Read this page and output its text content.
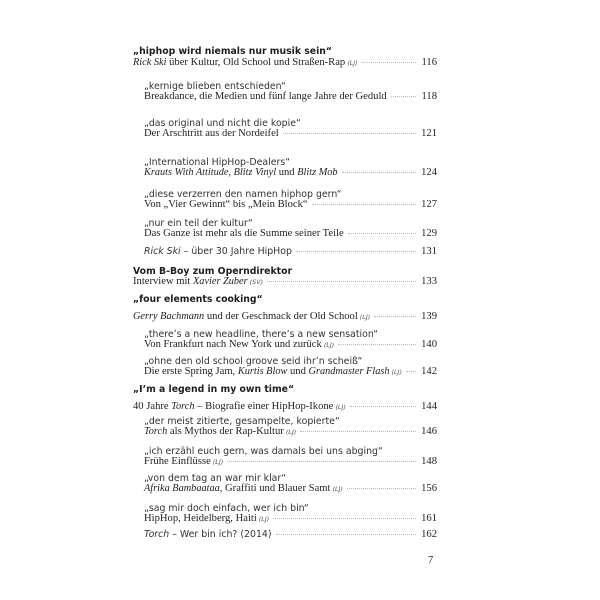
„hiphop wird niemals nur musik sein“
Rick Ski über Kultur, Old School und Straßen-Rap (LJ)	116
„kernige blieben entschieden“
Breakdance, die Medien und fünf lange Jahre der Geduld	118
„das original und nicht die kopie“
Der Arschtritt aus der Nordeifel	121
„International HipHop-Dealers“
Krauts With Attitude, Blitz Vinyl und Blitz Mob	124
„diese verzerren den namen hiphop gern“
Von „Vier Gewinnt“ bis „Mein Block“	127
„nur ein teil der kultur“
Das Ganze ist mehr als die Summe seiner Teile	129
Rick Ski – über 30 Jahre HipHop	131
Vom B-Boy zum Operndirektor
Interview mit Xavier Zuber (SV)	133
„four elements cooking“
Gerry Bachmann und der Geschmack der Old School (LJ)	139
„there’s a new headline, there’s a new sensation“
Von Frankfurt nach New York und zurück (LJ)	140
„ohne den old school groove seid ihr’n scheiß“
Die erste Spring Jam, Kurtis Blow und Grandmaster Flash (LJ) 142
„I’m a legend in my own time“
40 Jahre Torch – Biografie einer HipHop-Ikone (LJ)	144
„der meist zitierte, gesampelte, kopierte“
Torch als Mythos der Rap-Kultur (LJ)	146
„ich erzähl euch gern, was damals bei uns abging“
Frühe Einflüsse (LJ)	148
„von dem tag an war mir klar“
Afrika Bambaataa, Graffiti und Blauer Samt (LJ)	156
„sag mir doch einfach, wer ich bin“
HipHop, Heidelberg, Haiti (LJ)	161
Torch – Wer bin ich? (2014)	162
7
